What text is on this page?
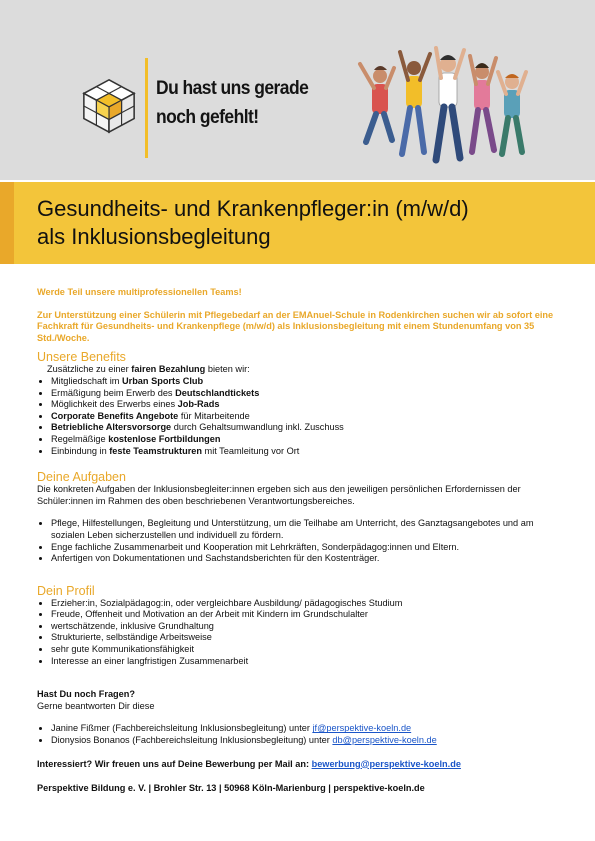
Du hast uns gerade
noch gefehlt!
Gesundheits- und Krankenpfleger:in (m/w/d)
als Inklusionsbegleitung

Werde Teil unsere multiprofessionellen Teams!

Zur Unterstützung einer Schülerin mit Pflegebedarf an der EMAnuel-Schule in Rodenkirchen suchen wir ab sofort eine Fachkraft für Gesundheits- und Krankenpflege (m/w/d) als Inklusionsbegleitung mit einem Stundenumfang von 35 Std./Woche.

Unsere Benefits

Zusätzliche zu einer fairen Bezahlung bieten wir:

• Mitgliedschaft im Urban Sports Club
• Ermäßigung beim Erwerb des Deutschlandtickets
• Möglichkeit des Erwerbs eines Job-Rads
• Corporate Benefits Angebote für Mitarbeitende
• Betriebliche Altersvorsorge durch Gehaltsumwandlung inkl. Zuschuss
• Regelmäßige kostenlose Fortbildungen
• Einbindung in feste Teamstrukturen mit Teamleitung vor Ort
Deine Aufgaben

Die konkreten Aufgaben der Inklusionsbegleiter:innen ergeben sich aus den jeweiligen persönlichen Erfordernissen der Schüler:innen im Rahmen des oben beschriebenen Verantwortungsbereiches.

• Pflege, Hilfestellungen, Begleitung und Unterstützung, um die Teilhabe am Unterricht, des Ganztagsangebotes und am sozialen Leben sicherzustellen und individuell zu fördern.
• Enge fachliche Zusammenarbeit und Kooperation mit Lehrkräften, Sonderpädagog:innen und Eltern.
• Anfertigen von Dokumentationen und Sachstandsberichten für den Kostenträger.
Dein Profil
• Erzieher:in, Sozialpädagog:in, oder vergleichbare Ausbildung/ pädagogisches Studium
• Freude, Offenheit und Motivation an der Arbeit mit Kindern im Grundschulalter
• wertschätzende, inklusive Grundhaltung
• Strukturierte, selbständige Arbeitsweise
• sehr gute Kommunikationsfähigkeit
• Interesse an einer langfristigen Zusammenarbeit

Hast Du noch Fragen?

Gerne beantworten Dir diese

• Janine Fißmer (Fachbereichsleitung Inklusionsbegleitung) unter jf@perspektive-koeln.de
• Dionysios Bonanos (Fachbereichsleitung Inklusionsbegleitung) unter db@perspektive-koeln.de

Interessiert? Wir freuen uns auf Deine Bewerbung per Mail an: bewerbung@perspektive-koeln.de

Perspektive Bildung e. V. | Brohler Str. 13 | 50968 Köln-Marienburg | perspektive-koeln.de
